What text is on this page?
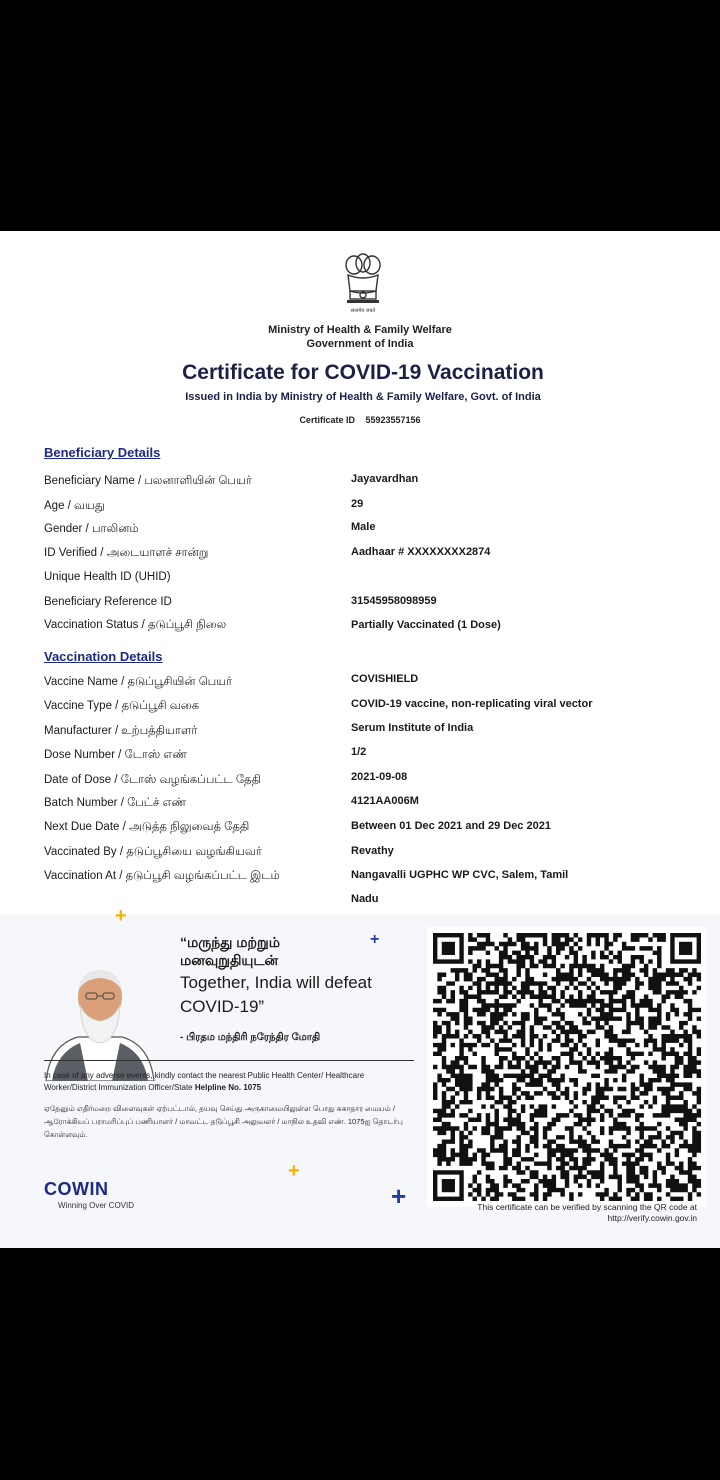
सत्यमेव जयते
Ministry of Health & Family Welfare
Government of India
Certificate for COVID-19 Vaccination
Issued in India by Ministry of Health & Family Welfare, Govt. of India
Certificate ID 55923557156
Beneficiary Details
Beneficiary Name / பலனாளியின் பெயர்	Jayavardhan
Age / வயது	29
Gender / பாலினம்	Male
ID Verified / அடையாளச் சான்று	Aadhaar # XXXXXXXX2874
Unique Health ID (UHID)
Beneficiary Reference ID	31545958098959
Vaccination Status / தடுப்பூசி நிலை	Partially Vaccinated (1 Dose)
Vaccination Details
Vaccine Name / தடுப்பூசியின் பெயர்	COVISHIELD
Vaccine Type / தடுப்பூசி வகை	COVID-19 vaccine, non-replicating viral vector
Manufacturer / உற்பத்தியாளர்	Serum Institute of India
Dose Number / டோஸ் எண்	1/2
Date of Dose / டோஸ் வழங்கப்பட்ட தேதி	2021-09-08
Batch Number / பேட்ச் எண்	4121AA006M
Next Due Date / அடுத்த நிலுவைத் தேதி	Between 01 Dec 2021 and 29 Dec 2021
Vaccinated By / தடுப்பூசியை வழங்கியவர்	Revathy
Vaccination At / தடுப்பூசி வழங்கப்பட்ட இடம்	Nangavalli UGPHC WP CVC, Salem, Tamil
Nadu
+
+
+
+
“மருந்து மற்றும் மனவுறுதியுடன்
Together, India will defeat COVID-19”
- பிரதம மந்திரி நரேந்திர மோதி
In case of any adverse events, kindly contact the nearest Public Health Center/ Healthcare Worker/District Immunization Officer/State Helpline No. 1075
ஏதேனும் எதிர்மறை விளைவுகள் ஏற்பட்டால், தயவு செய்து அருகாமையிலுள்ள பொது சுகாதார மையம் / ஆரோக்கியப் பராமரிப்புப் பணியாளர் / மாவட்ட தடுப்பூசி அலுவலர் / மாநில உதவி எண். 1075ஐ தொடர்பு கொள்ளவும்.
COWIN
Winning Over COVID	This certificate can be verified by scanning the QR code at
http://verify.cowin.gov.in
